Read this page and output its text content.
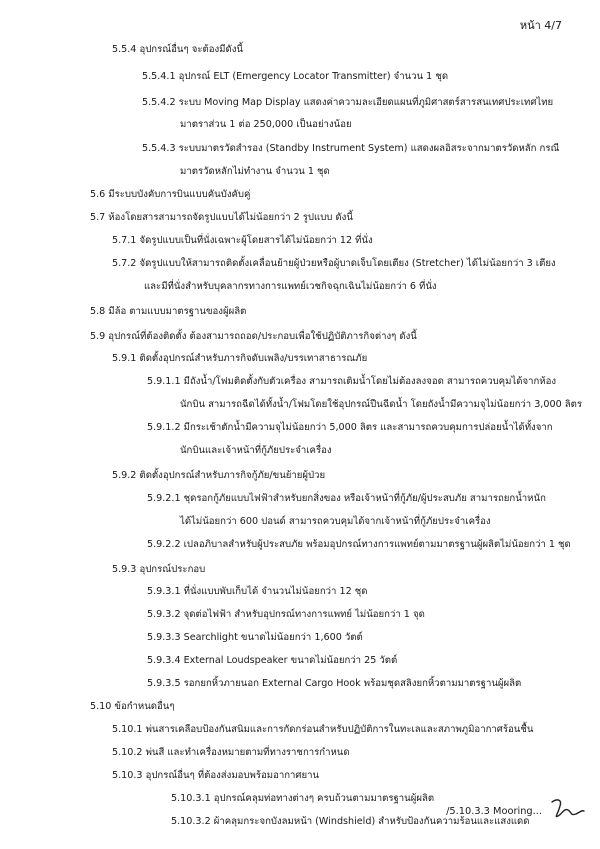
หน้า 4/7
5.5.4 อุปกรณ์อื่นๆ จะต้องมีดังนี้
5.5.4.1 อุปกรณ์ ELT (Emergency Locator Transmitter) จำนวน 1 ชุด
5.5.4.2 ระบบ Moving Map Display แสดงค่าความละเอียดแผนที่ภูมิศาสตร์สารสนเทศประเทศไทย
มาตราส่วน 1 ต่อ 250,000 เป็นอย่างน้อย
5.5.4.3 ระบบมาตรวัดสำรอง (Standby Instrument System) แสดงผลอิสระจากมาตรวัดหลัก กรณี
มาตรวัดหลักไม่ทำงาน จำนวน 1 ชุด
5.6 มีระบบบังคับการบินแบบคันบังคับคู่
5.7 ห้องโดยสารสามารถจัดรูปแบบได้ไม่น้อยกว่า 2 รูปแบบ ดังนี้
5.7.1 จัดรูปแบบเป็นที่นั่งเฉพาะผู้โดยสารได้ไม่น้อยกว่า 12 ที่นั่ง
5.7.2 จัดรูปแบบให้สามารถติดตั้งเคลื่อนย้ายผู้ป่วยหรือผู้บาดเจ็บโดยเตียง (Stretcher) ได้ไม่น้อยกว่า 3 เตียง
และมีที่นั่งสำหรับบุคลากรทางการแพทย์เวชกิจฉุกเฉินไม่น้อยกว่า 6 ที่นั่ง
5.8 มีล้อ ตามแบบมาตรฐานของผู้ผลิต
5.9 อุปกรณ์ที่ต้องติดตั้ง ต้องสามารถถอด/ประกอบเพื่อใช้ปฏิบัติภารกิจต่างๆ ดังนี้
5.9.1 ติดตั้งอุปกรณ์สำหรับภารกิจดับเพลิง/บรรเทาสาธารณภัย
5.9.1.1 มีถังน้ำ/โฟมติดตั้งกับตัวเครื่อง สามารถเติมน้ำโดยไม่ต้องลงจอด สามารถควบคุมได้จากห้อง
นักบิน สามารถฉีดได้ทั้งน้ำ/โฟมโดยใช้อุปกรณ์ปืนฉีดน้ำ โดยถังน้ำมีความจุไม่น้อยกว่า 3,000 ลิตร
5.9.1.2 มีกระเช้าตักน้ำมีความจุไม่น้อยกว่า 5,000 ลิตร และสามารถควบคุมการปล่อยน้ำได้ทั้งจาก
นักบินและเจ้าหน้าที่กู้ภัยประจำเครื่อง
5.9.2 ติดตั้งอุปกรณ์สำหรับภารกิจกู้ภัย/ขนย้ายผู้ป่วย
5.9.2.1 ชุดรอกกู้ภัยแบบไฟฟ้าสำหรับยกสิ่งของ หรือเจ้าหน้าที่กู้ภัย/ผู้ประสบภัย สามารถยกน้ำหนัก
ได้ไม่น้อยกว่า 600 ปอนด์ สามารถควบคุมได้จากเจ้าหน้าที่กู้ภัยประจำเครื่อง
5.9.2.2 เปลอภิบาลสำหรับผู้ประสบภัย พร้อมอุปกรณ์ทางการแพทย์ตามมาตรฐานผู้ผลิตไม่น้อยกว่า 1 ชุด
5.9.3 อุปกรณ์ประกอบ
5.9.3.1 ที่นั่งแบบพับเก็บได้ จำนวนไม่น้อยกว่า 12 ชุด
5.9.3.2 จุดต่อไฟฟ้า สำหรับอุปกรณ์ทางการแพทย์ ไม่น้อยกว่า 1 จุด
5.9.3.3 Searchlight ขนาดไม่น้อยกว่า 1,600 วัตต์
5.9.3.4 External Loudspeaker ขนาดไม่น้อยกว่า 25 วัตต์
5.9.3.5 รอกยกหิ้วภายนอก External Cargo Hook พร้อมชุดสลิงยกหิ้วตามมาตรฐานผู้ผลิต
5.10 ข้อกำหนดอื่นๆ
5.10.1 พ่นสารเคลือบป้องกันสนิมและการกัดกร่อนสำหรับปฏิบัติการในทะเลและสภาพภูมิอากาศร้อนชื้น
5.10.2 พ่นสี และทำเครื่องหมายตามที่ทางราชการกำหนด
5.10.3 อุปกรณ์อื่นๆ ที่ต้องส่งมอบพร้อมอากาศยาน
5.10.3.1 อุปกรณ์คลุมท่อทางต่างๆ ครบถ้วนตามมาตรฐานผู้ผลิต
5.10.3.2 ผ้าคลุมกระจกบังลมหน้า (Windshield) สำหรับป้องกันความร้อนและแสงแดด
/5.10.3.3 Mooring...
